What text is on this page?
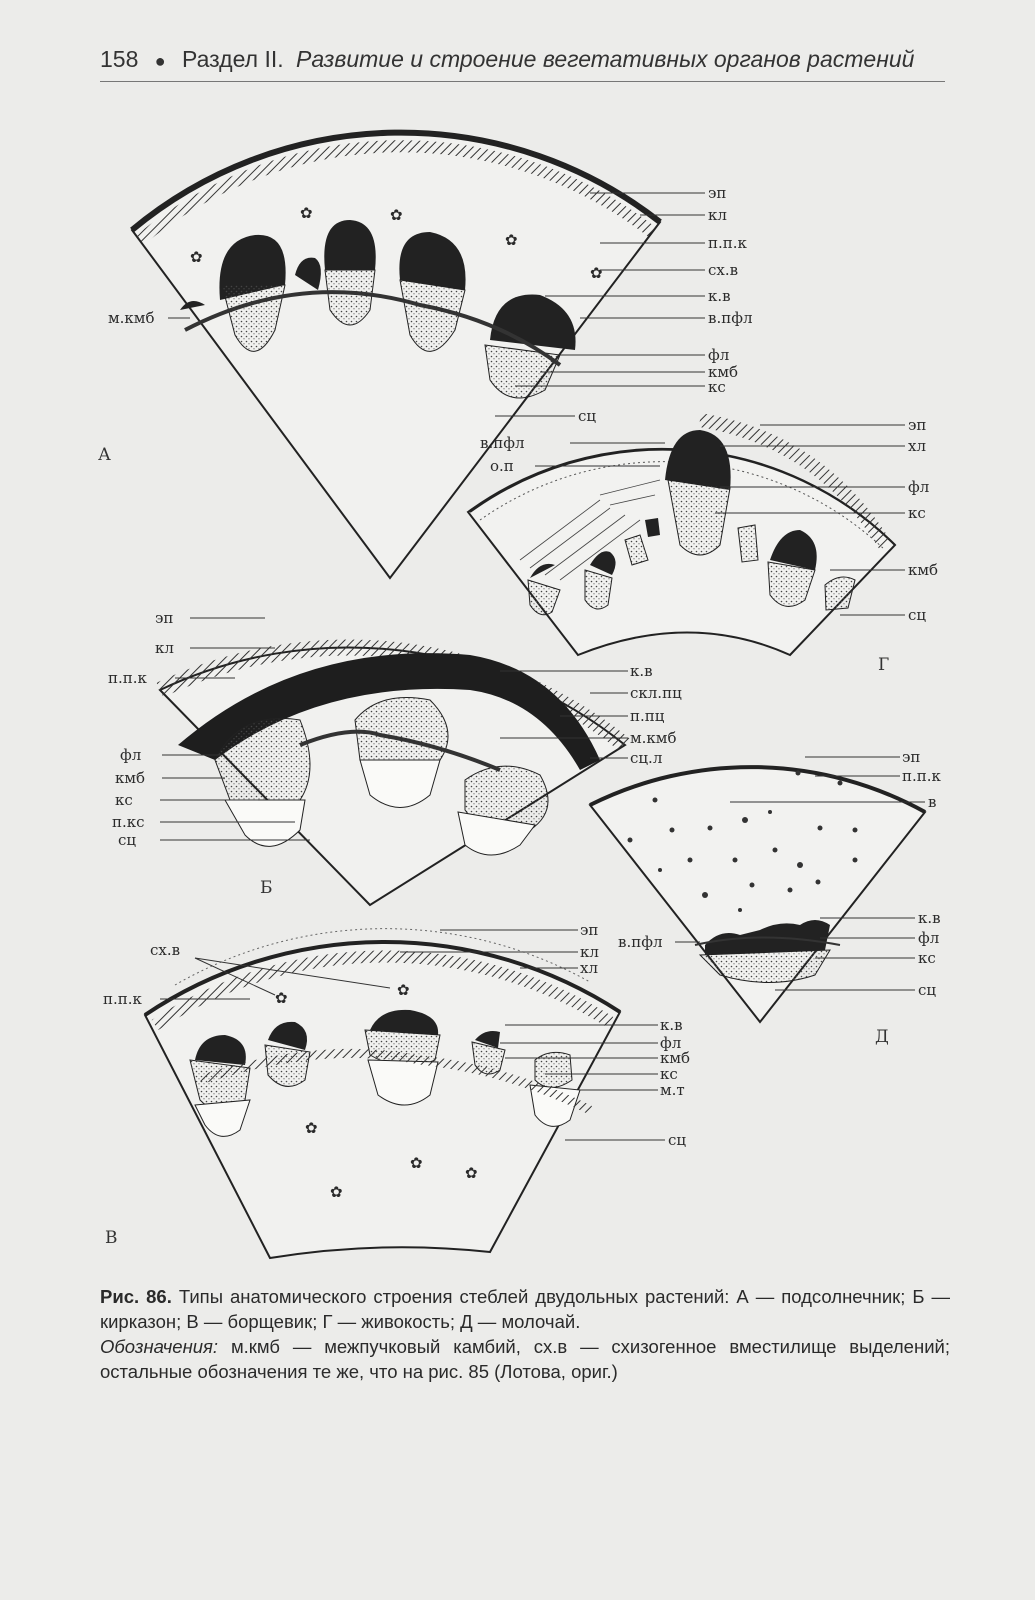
158 ● Раздел II. Развитие и строение вегетативных органов растений
✿	✿
✿
✿
✿
эп
кл
п.п.к
сх.в
к.в
в.пфл
фл
кмб
кс
сц
м.кмб
А
эп
хл
в.пфл
о.п
фл
кс
кмб
сц
Г
эп
кл
п.п.к	к.в
скл.пц
п.пц
м.кмб
сц.л
фл
кмб
кс
п.кс
сц
Б
эп
п.п.к
в
в.пфл
к.в
фл
кс
сц
Д
✿	✿
✿
✿
✿
✿
эп
кл
хл
сх.в
п.п.к
к.в
фл
кмб
кс
м.т
сц
В
Рис. 86. Типы анатомического строения стеблей двудольных растений: А — подсолнечник; Б — кирказон; В — борщевик; Г — живокость; Д — молочай.
Обозначения: м.кмб — межпучковый камбий, сх.в — схизогенное вместилище выделений; остальные обозначения те же, что на рис. 85 (Лотова, ориг.)
